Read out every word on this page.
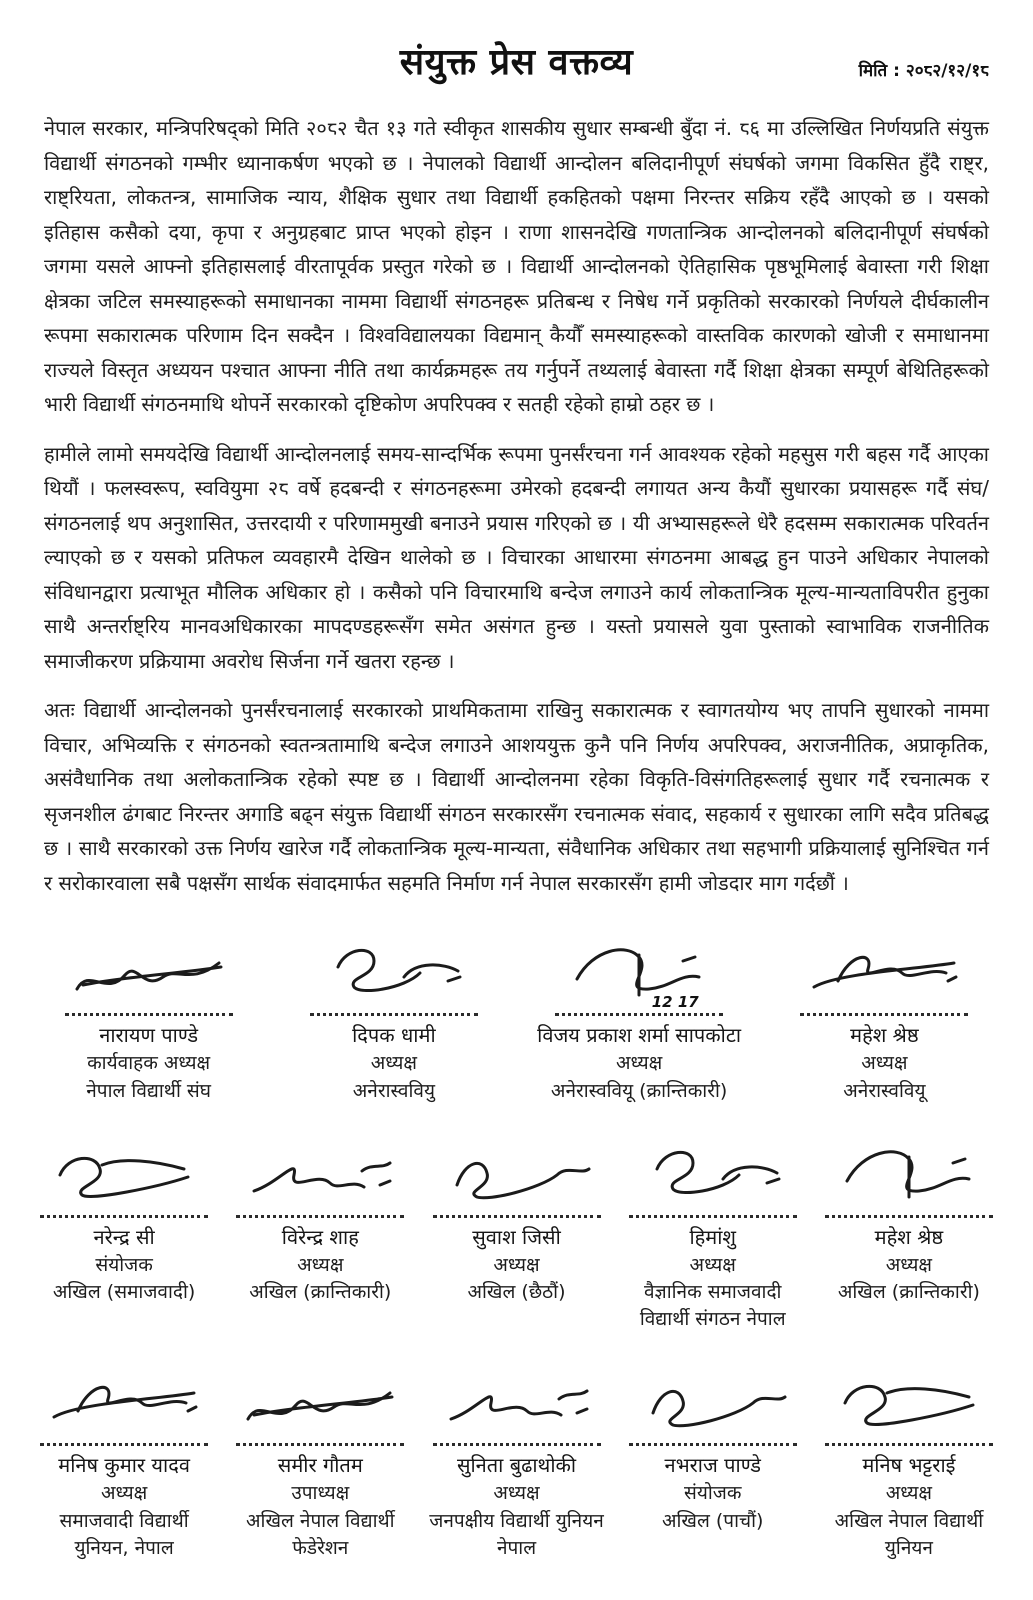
संयुक्त प्रेस वक्तव्य	मिति : २०८२/१२/१८

नेपाल सरकार, मन्त्रिपरिषद्को मिति २०८२ चैत १३ गते स्वीकृत शासकीय सुधार सम्बन्धी बुँदा नं. ८६ मा उल्लिखित निर्णयप्रति संयुक्त विद्यार्थी संगठनको गम्भीर ध्यानाकर्षण भएको छ । नेपालको विद्यार्थी आन्दोलन बलिदानीपूर्ण संघर्षको जगमा विकसित हुँदै राष्ट्र, राष्ट्रियता, लोकतन्त्र, सामाजिक न्याय, शैक्षिक सुधार तथा विद्यार्थी हकहितको पक्षमा निरन्तर सक्रिय रहँदै आएको छ । यसको इतिहास कसैको दया, कृपा र अनुग्रहबाट प्राप्त भएको होइन । राणा शासनदेखि गणतान्त्रिक आन्दोलनको बलिदानीपूर्ण संघर्षको जगमा यसले आफ्नो इतिहासलाई वीरतापूर्वक प्रस्तुत गरेको छ । विद्यार्थी आन्दोलनको ऐतिहासिक पृष्ठभूमिलाई बेवास्ता गरी शिक्षा क्षेत्रका जटिल समस्याहरूको समाधानका नाममा विद्यार्थी संगठनहरू प्रतिबन्ध र निषेध गर्ने प्रकृतिको सरकारको निर्णयले दीर्घकालीन रूपमा सकारात्मक परिणाम दिन सक्दैन । विश्वविद्यालयका विद्यमान् कैयौँ समस्याहरूको वास्तविक कारणको खोजी र समाधानमा राज्यले विस्तृत अध्ययन पश्चात आफ्ना नीति तथा कार्यक्रमहरू तय गर्नुपर्ने तथ्यलाई बेवास्ता गर्दै शिक्षा क्षेत्रका सम्पूर्ण बेथितिहरूको भारी विद्यार्थी संगठनमाथि थोपर्ने सरकारको दृष्टिकोण अपरिपक्व र सतही रहेको हाम्रो ठहर छ ।

हामीले लामो समयदेखि विद्यार्थी आन्दोलनलाई समय-सान्दर्भिक रूपमा पुनर्संरचना गर्न आवश्यक रहेको महसुस गरी बहस गर्दै आएका थियौं । फलस्वरूप, स्ववियुमा २८ वर्षे हदबन्दी र संगठनहरूमा उमेरको हदबन्दी लगायत अन्य कैयौं सुधारका प्रयासहरू गर्दै संघ/संगठनलाई थप अनुशासित, उत्तरदायी र परिणाममुखी बनाउने प्रयास गरिएको छ । यी अभ्यासहरूले धेरै हदसम्म सकारात्मक परिवर्तन ल्याएको छ र यसको प्रतिफल व्यवहारमै देखिन थालेको छ । विचारका आधारमा संगठनमा आबद्ध हुन पाउने अधिकार नेपालको संविधानद्वारा प्रत्याभूत मौलिक अधिकार हो । कसैको पनि विचारमाथि बन्देज लगाउने कार्य लोकतान्त्रिक मूल्य-मान्यताविपरीत हुनुका साथै अन्तर्राष्ट्रिय मानवअधिकारका मापदण्डहरूसँग समेत असंगत हुन्छ । यस्तो प्रयासले युवा पुस्ताको स्वाभाविक राजनीतिक समाजीकरण प्रक्रियामा अवरोध सिर्जना गर्ने खतरा रहन्छ ।

अतः विद्यार्थी आन्दोलनको पुनर्संरचनालाई सरकारको प्राथमिकतामा राखिनु सकारात्मक र स्वागतयोग्य भए तापनि सुधारको नाममा विचार, अभिव्यक्ति र संगठनको स्वतन्त्रतामाथि बन्देज लगाउने आशययुक्त कुनै पनि निर्णय अपरिपक्व, अराजनीतिक, अप्राकृतिक, असंवैधानिक तथा अलोकतान्त्रिक रहेको स्पष्ट छ । विद्यार्थी आन्दोलनमा रहेका विकृति-विसंगतिहरूलाई सुधार गर्दै रचनात्मक र सृजनशील ढंगबाट निरन्तर अगाडि बढ्न संयुक्त विद्यार्थी संगठन सरकारसँग रचनात्मक संवाद, सहकार्य र सुधारका लागि सदैव प्रतिबद्ध छ । साथै सरकारको उक्त निर्णय खारेज गर्दै लोकतान्त्रिक मूल्य-मान्यता, संवैधानिक अधिकार तथा सहभागी प्रक्रियालाई सुनिश्चित गर्न र सरोकारवाला सबै पक्षसँग सार्थक संवादमार्फत सहमति निर्माण गर्न नेपाल सरकारसँग हामी जोडदार माग गर्दछौं ।

नारायण पाण्डे
कार्यवाहक अध्यक्ष
नेपाल विद्यार्थी संघ
दिपक धामी
अध्यक्ष
अनेरास्ववियु
12 17
विजय प्रकाश शर्मा सापकोटा
अध्यक्ष
अनेरास्ववियू (क्रान्तिकारी)
महेश श्रेष्ठ
अध्यक्ष
अनेरास्ववियू
नरेन्द्र सी
संयोजक
अखिल (समाजवादी)
विरेन्द्र शाह
अध्यक्ष
अखिल (क्रान्तिकारी)
सुवाश जिसी
अध्यक्ष
अखिल (छैठौं)
हिमांशु
अध्यक्ष
वैज्ञानिक समाजवादी विद्यार्थी संगठन नेपाल
महेश श्रेष्ठ
अध्यक्ष
अखिल (क्रान्तिकारी)
मनिष कुमार यादव
अध्यक्ष
समाजवादी विद्यार्थी युनियन, नेपाल
समीर गौतम
उपाध्यक्ष
अखिल नेपाल विद्यार्थी फेडेरेशन
सुनिता बुढाथोकी
अध्यक्ष
जनपक्षीय विद्यार्थी युनियन नेपाल
नभराज पाण्डे
संयोजक
अखिल (पाचौं)
मनिष भट्टराई
अध्यक्ष
अखिल नेपाल विद्यार्थी युनियन
